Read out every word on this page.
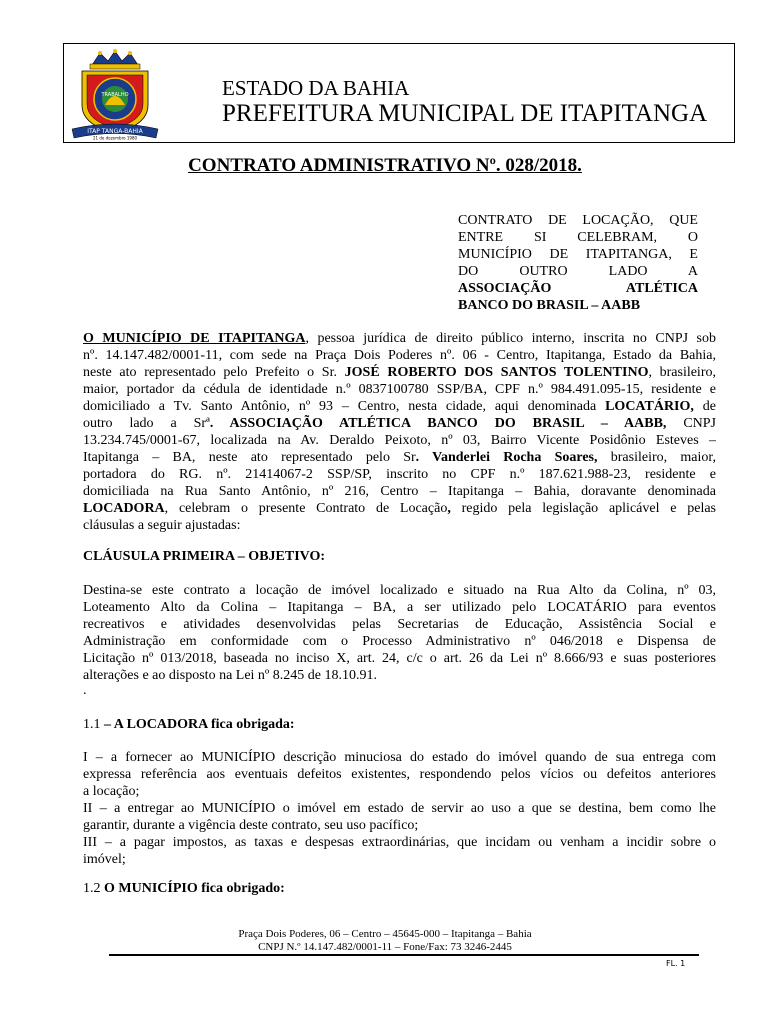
TRABALHO
ITAP TANGA-BAHIA
21 de dezembro 1980
ESTADO DA BAHIA
PREFEITURA MUNICIPAL DE ITAPITANGA
CONTRATO ADMINISTRATIVO Nº. 028/2018.
CONTRATO DE LOCAÇÃO, QUE
ENTRE SI CELEBRAM, O
MUNICÍPIO DE ITAPITANGA, E
DO OUTRO LADO A
ASSOCIAÇÃO ATLÉTICA
BANCO DO BRASIL – AABB
O MUNICÍPIO DE ITAPITANGA, pessoa jurídica de direito público interno, inscrita no CNPJ sob
nº. 14.147.482/0001-11, com sede na Praça Dois Poderes nº. 06 - Centro, Itapitanga, Estado da Bahia,
neste ato representado pelo Prefeito o Sr. JOSÉ ROBERTO DOS SANTOS TOLENTINO, brasileiro,
maior, portador da cédula de identidade n.º 0837100780 SSP/BA, CPF n.º 984.491.095-15, residente e
domiciliado a Tv. Santo Antônio, nº 93 – Centro, nesta cidade, aqui denominada LOCATÁRIO, de
outro lado a Srª. ASSOCIAÇÃO ATLÉTICA BANCO DO BRASIL – AABB, CNPJ
13.234.745/0001-67, localizada na Av. Deraldo Peixoto, nº 03, Bairro Vicente Posidônio Esteves –
Itapitanga – BA, neste ato representado pelo Sr. Vanderlei Rocha Soares, brasileiro, maior,
portadora do RG. nº. 21414067-2 SSP/SP, inscrito no CPF n.º 187.621.988-23, residente e
domiciliada na Rua Santo Antônio, nº 216, Centro – Itapitanga – Bahia, doravante denominada
LOCADORA, celebram o presente Contrato de Locação, regido pela legislação aplicável e pelas
cláusulas a seguir ajustadas:
CLÁUSULA PRIMEIRA – OBJETIVO:
Destina-se este contrato a locação de imóvel localizado e situado na Rua Alto da Colina, nº 03,
Loteamento Alto da Colina – Itapitanga – BA, a ser utilizado pelo LOCATÁRIO para eventos
recreativos e atividades desenvolvidas pelas Secretarias de Educação, Assistência Social e
Administração em conformidade com o Processo Administrativo nº 046/2018 e Dispensa de
Licitação nº 013/2018, baseada no inciso X, art. 24, c/c o art. 26 da Lei nº 8.666/93 e suas posteriores
alterações e ao disposto na Lei nº 8.245 de 18.10.91.
.
1.1 – A LOCADORA fica obrigada:
I – a fornecer ao MUNICÍPIO descrição minuciosa do estado do imóvel quando de sua entrega com
expressa referência aos eventuais defeitos existentes, respondendo pelos vícios ou defeitos anteriores
a locação;
II – a entregar ao MUNICÍPIO o imóvel em estado de servir ao uso a que se destina, bem como lhe
garantir, durante a vigência deste contrato, seu uso pacífico;
III – a pagar impostos, as taxas e despesas extraordinárias, que incidam ou venham a incidir sobre o
imóvel;
1.2 O MUNICÍPIO fica obrigado:
Praça Dois Poderes, 06 – Centro – 45645-000 – Itapitanga – Bahia
CNPJ N.º 14.147.482/0001-11 – Fone/Fax: 73 3246-2445
FL. 1
